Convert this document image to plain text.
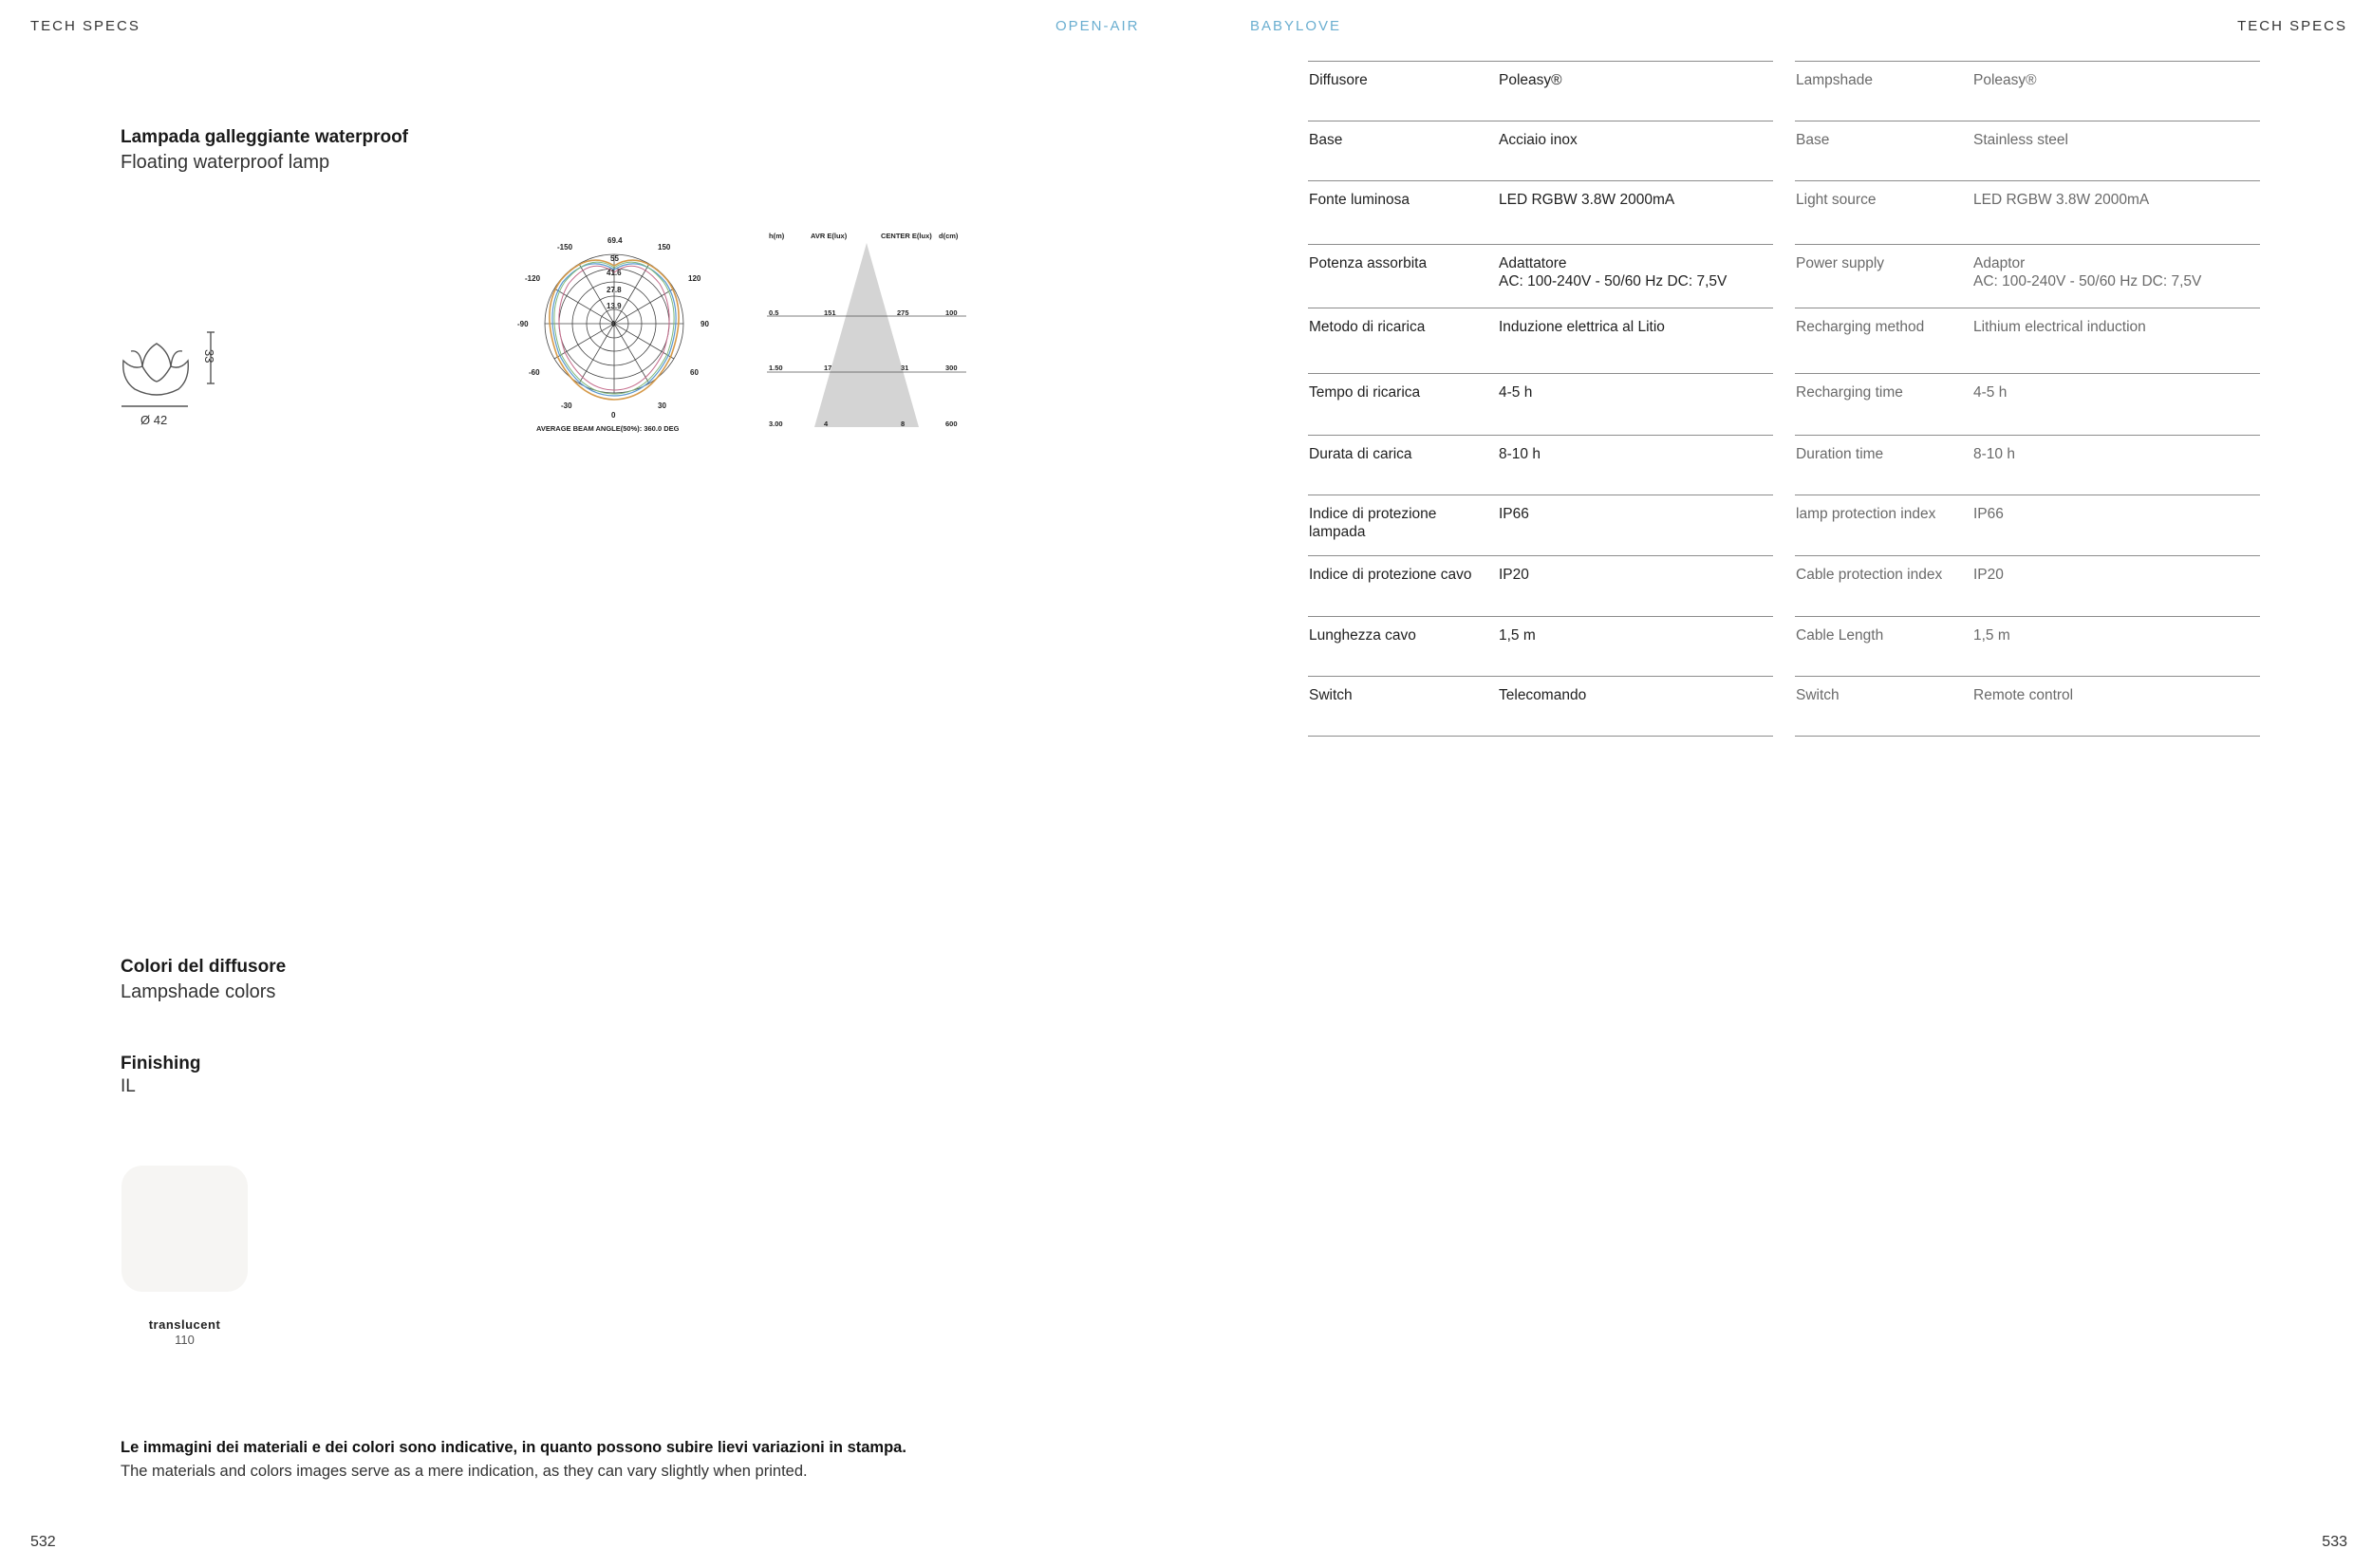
TECH SPECS	OPEN-AIR	BABYLOVE	TECH SPECS
Lampada galleggiante waterproof
Floating waterproof lamp
33
Ø 42
69.4
55
41.6
27.8
13.9
0
-150	150
-120	120
-90	90
-60	60
-30	30
0
AVERAGE BEAM ANGLE(50%): 360.0 DEG
h(m)	AVR E(lux)	CENTER E(lux) d(cm)
0.5	151	275	100
1.50	17	31	300
3.00	4	8	600
Colori del diffusore
Lampshade colors
Finishing
IL
translucent
110
Le immagini dei materiali e dei colori sono indicative, in quanto possono subire lievi variazioni in stampa.
The materials and colors images serve as a mere indication, as they can vary slightly when printed.
532	533
Diffusore	Poleasy®
Base	Acciaio inox
Fonte luminosa	LED RGBW 3.8W 2000mA
Potenza assorbita	Adattatore
AC: 100-240V - 50/60 Hz DC: 7,5V
Metodo di ricarica	Induzione elettrica al Litio
Tempo di ricarica	4-5 h
Durata di carica	8-10 h
Indice di protezione
lampada
IP66
Indice di protezione cavo IP20
Lunghezza cavo	1,5 m
Switch	Telecomando
Lampshade	Poleasy®
Base	Stainless steel
Light source	LED RGBW 3.8W 2000mA
Power supply	Adaptor
AC: 100-240V - 50/60 Hz DC: 7,5V
Recharging method	Lithium electrical induction
Recharging time	4-5 h
Duration time	8-10 h
lamp protection index	IP66
Cable protection index IP20
Cable Length	1,5 m
Switch	Remote control
